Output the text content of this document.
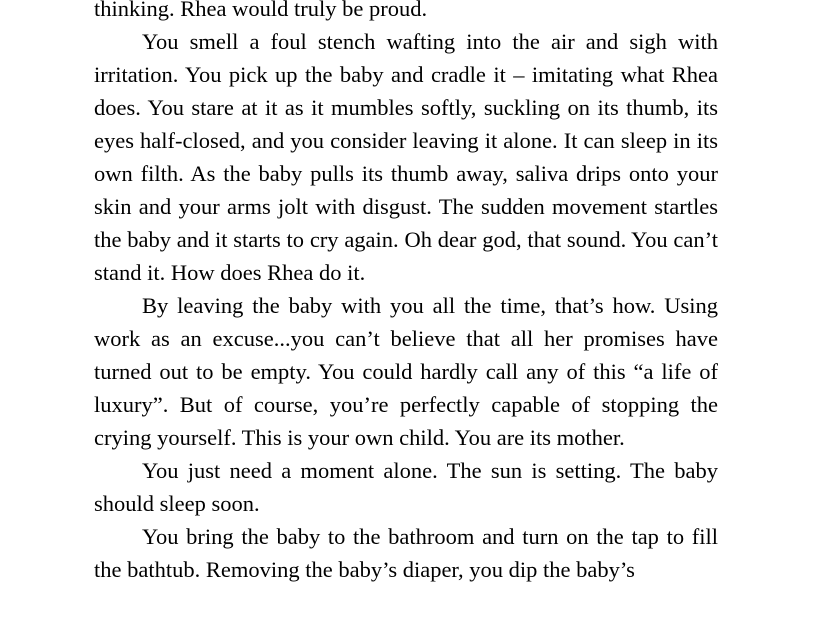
thinking. Rhea would truly be proud.

You smell a foul stench wafting into the air and sigh with irritation. You pick up the baby and cradle it – imitating what Rhea does. You stare at it as it mumbles softly, suckling on its thumb, its eyes half-closed, and you consider leaving it alone. It can sleep in its own filth. As the baby pulls its thumb away, saliva drips onto your skin and your arms jolt with disgust. The sudden movement startles the baby and it starts to cry again. Oh dear god, that sound. You can’t stand it. How does Rhea do it.

By leaving the baby with you all the time, that’s how. Using work as an excuse...you can’t believe that all her promises have turned out to be empty. You could hardly call any of this “a life of luxury”. But of course, you’re perfectly capable of stopping the crying yourself. This is your own child. You are its mother.

You just need a moment alone. The sun is setting. The baby should sleep soon.

You bring the baby to the bathroom and turn on the tap to fill the bathtub. Removing the baby’s diaper, you dip the baby’s
